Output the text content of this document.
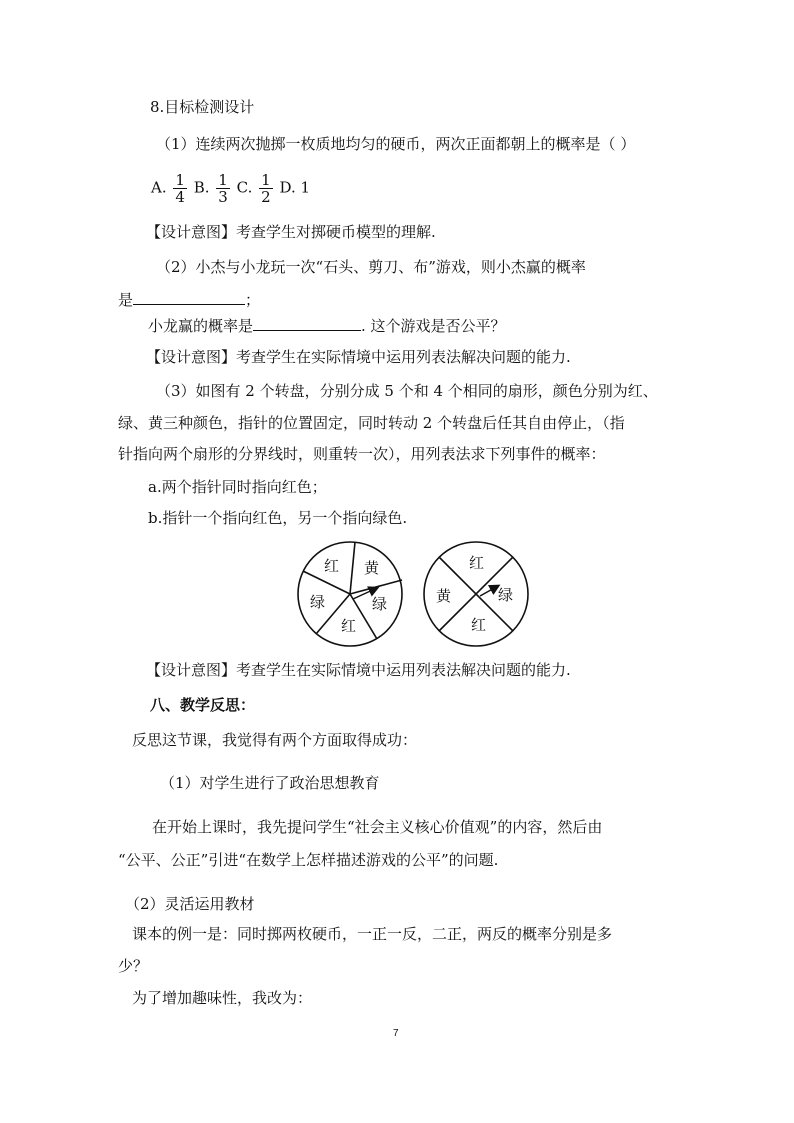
8.目标检测设计
（1）连续两次抛掷一枚质地均匀的硬币，两次正面都朝上的概率是（ ）
A. $\frac{1}{4} B$. $\frac{1}{3} C$. $\frac{1}{2} D$. 1
【设计意图】考查学生对掷硬币模型的理解.
（2）小杰与小龙玩一次“石头、剪刀、布”游戏，则小杰赢的概率
是	；
小龙赢的概率是	. 这个游戏是否公平？
【设计意图】考查学生在实际情境中运用列表法解决问题的能力.
（3）如图有 2 个转盘，分别分成 5 个和 4 个相同的扇形，颜色分别为红、
绿、黄三种颜色，指针的位置固定，同时转动 2 个转盘后任其自由停止，（指
针指向两个扇形的分界线时，则重转一次），用列表法求下列事件的概率：
a.两个指针同时指向红色；
b.指针一个指向红色，另一个指向绿色.
红 黄
绿
红
绿
红
绿
红
黄
【设计意图】考查学生在实际情境中运用列表法解决问题的能力.
八、教学反思：
反思这节课，我觉得有两个方面取得成功：
（1）对学生进行了政治思想教育
在开始上课时，我先提问学生“社会主义核心价值观”的内容，然后由
“公平、公正”引进“在数学上怎样描述游戏的公平”的问题.
（2）灵活运用教材
课本的例一是：同时掷两枚硬币，一正一反，二正，两反的概率分别是多
少？
为了增加趣味性，我改为：
7
